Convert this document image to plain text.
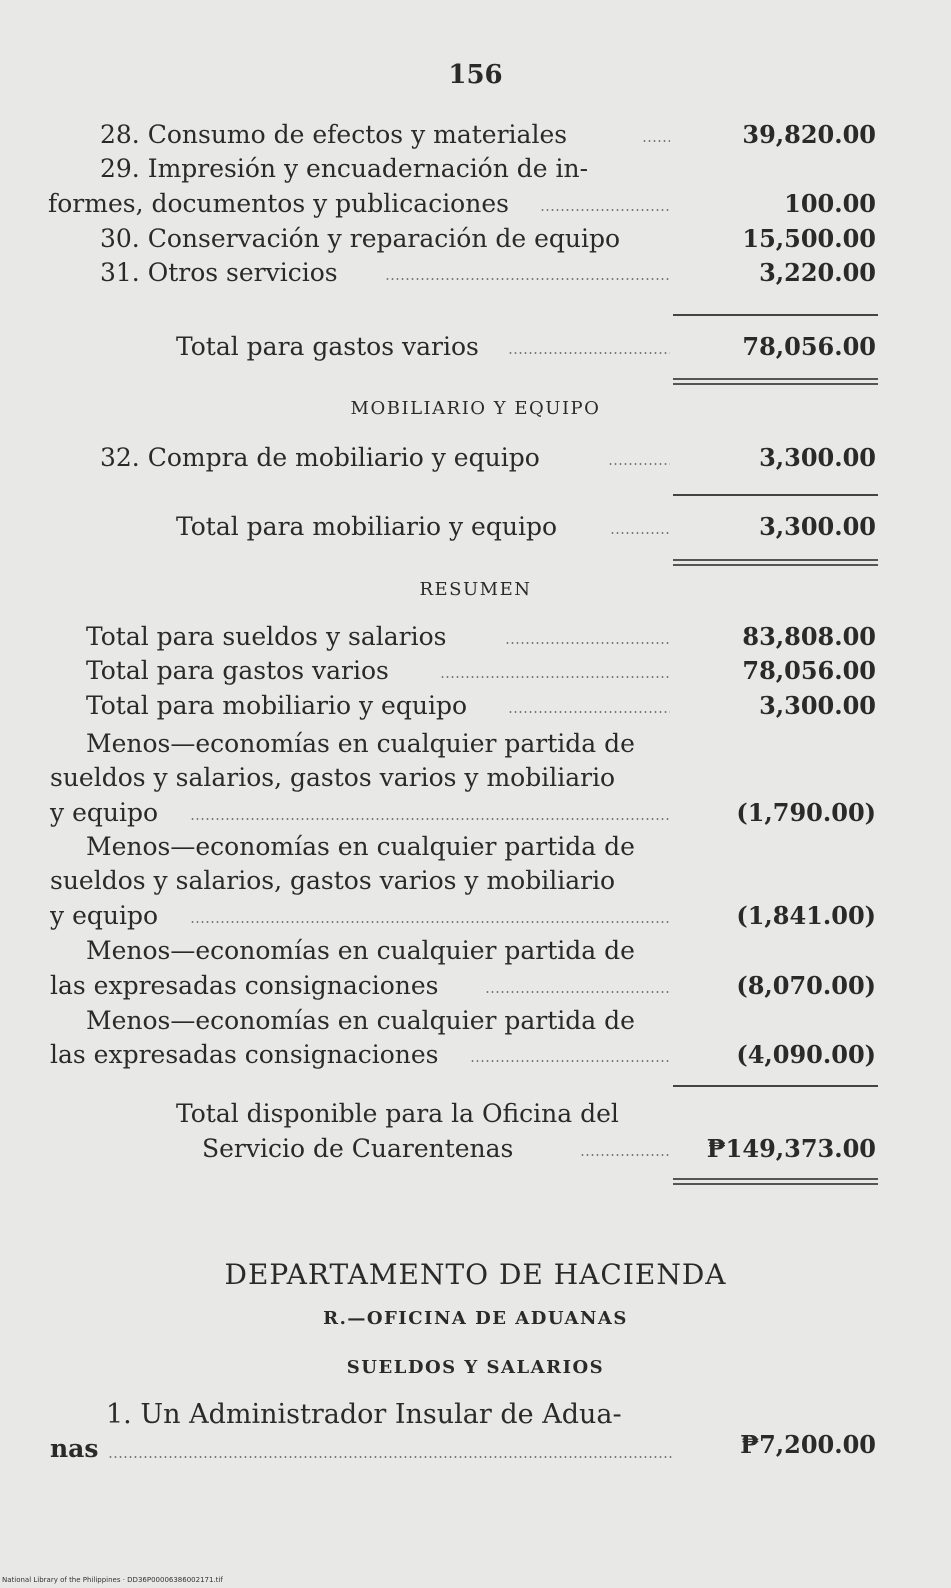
156
28. Consumo de efectos y materiales	39,820.00
29. Impresión y encuadernación de in-
formes, documentos y publicaciones	100.00
30. Conservación y reparación de equipo	15,500.00
31. Otros servicios	3,220.00
Total para gastos varios	78,056.00
MOBILIARIO Y EQUIPO
32. Compra de mobiliario y equipo	3,300.00
Total para mobiliario y equipo	3,300.00
RESUMEN
Total para sueldos y salarios	83,808.00
Total para gastos varios	78,056.00
Total para mobiliario y equipo	3,300.00
Menos—economías en cualquier partida de
sueldos y salarios, gastos varios y mobiliario
y equipo	(1,790.00)
Menos—economías en cualquier partida de
sueldos y salarios, gastos varios y mobiliario
y equipo	(1,841.00)
Menos—economías en cualquier partida de
las expresadas consignaciones	(8,070.00)
Menos—economías en cualquier partida de
las expresadas consignaciones	(4,090.00)
Total disponible para la Oficina del
Servicio de Cuarentenas	₱149,373.00
DEPARTAMENTO DE HACIENDA
R.—OFICINA DE ADUANAS
SUELDOS Y SALARIOS
1. Un Administrador Insular de Adua-
nas	₱7,200.00
National Library of the Philippines · DD36P00006386002171.tif
